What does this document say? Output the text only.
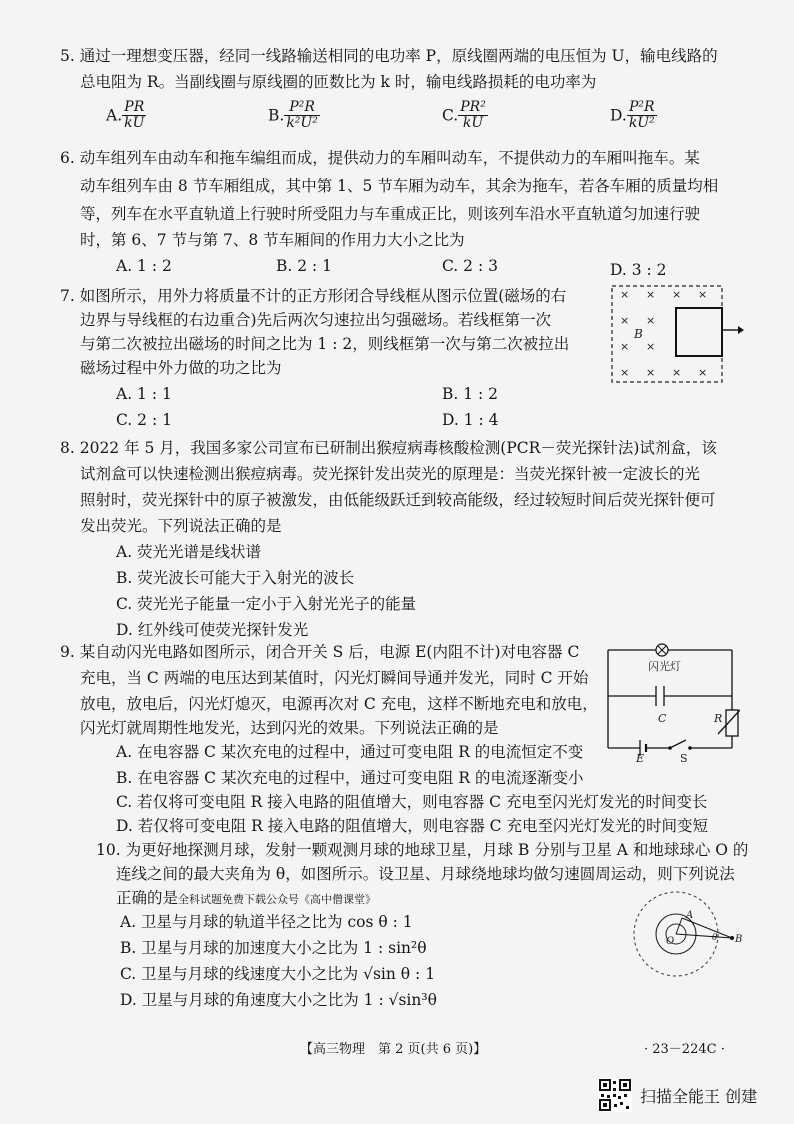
5. 通过一理想变压器，经同一线路输送相同的电功率 P，原线圈两端的电压恒为 U，输电线路的
总电阻为 R。当副线圈与原线圈的匝数比为 k 时，输电线路损耗的电功率为
A. $\frac{PR}{kU}$	B. $\frac{\text{P²R}}{\text{k²U²}}$	C. $\frac{\text{PR²}}{kU}$	D. $\frac{\text{P²R}}{\text{kU²}}$
6. 动车组列车由动车和拖车编组而成，提供动力的车厢叫动车，不提供动力的车厢叫拖车。某
动车组列车由 8 节车厢组成，其中第 1、5 节车厢为动车，其余为拖车，若各车厢的质量均相
等，列车在水平直轨道上行驶时所受阻力与车重成正比，则该列车沿水平直轨道匀加速行驶
时，第 6、7 节与第 7、8 节车厢间的作用力大小之比为
A. 1 : 2	B. 2 : 1	C. 2 : 3	D. 3 : 2
7. 如图所示，用外力将质量不计的正方形闭合导线框从图示位置(磁场的右
边界与导线框的右边重合)先后两次匀速拉出匀强磁场。若线框第一次
与第二次被拉出磁场的时间之比为 1 : 2，则线框第一次与第二次被拉出
磁场过程中外力做的功之比为
A. 1 : 1	B. 1 : 2
C. 2 : 1	D. 1 : 4
× × × ×
× ×
× ×
× × × ×
B
8. 2022 年 5 月，我国多家公司宣布已研制出猴痘病毒核酸检测(PCR－荧光探针法)试剂盒，该
试剂盒可以快速检测出猴痘病毒。荧光探针发出荧光的原理是：当荧光探针被一定波长的光
照射时，荧光探针中的原子被激发，由低能级跃迁到较高能级，经过较短时间后荧光探针便可
发出荧光。下列说法正确的是
A. 荧光光谱是线状谱
B. 荧光波长可能大于入射光的波长
C. 荧光光子能量一定小于入射光光子的能量
D. 红外线可使荧光探针发光
9. 某自动闪光电路如图所示，闭合开关 S 后，电源 E(内阻不计)对电容器 C
充电，当 C 两端的电压达到某值时，闪光灯瞬间导通并发光，同时 C 开始
放电，放电后，闪光灯熄灭，电源再次对 C 充电，这样不断地充电和放电，
闪光灯就周期性地发光，达到闪光的效果。下列说法正确的是
A. 在电容器 C 某次充电的过程中，通过可变电阻 R 的电流恒定不变
B. 在电容器 C 某次充电的过程中，通过可变电阻 R 的电流逐渐变小
C. 若仅将可变电阻 R 接入电路的阻值增大，则电容器 C 充电至闪光灯发光的时间变长
D. 若仅将可变电阻 R 接入电路的阻值增大，则电容器 C 充电至闪光灯发光的时间变短
闪光灯
C	R
E	S
10. 为更好地探测月球，发射一颗观测月球的地球卫星，月球 B 分别与卫星 A 和地球球心 O 的
连线之间的最大夹角为 θ，如图所示。设卫星、月球绕地球均做匀速圆周运动，则下列说法
正确的是全科试题免费下载公众号《高中僧课堂》
A. 卫星与月球的轨道半径之比为 cos θ : 1
B. 卫星与月球的加速度大小之比为 1 : sin²θ
C. 卫星与月球的线速度大小之比为 √sin θ : 1
D. 卫星与月球的角速度大小之比为 1 : √sin³θ
A
B
O	θ
【高三物理　第 2 页(共 6 页)】	· 23－224C ·
扫描全能王 创建
